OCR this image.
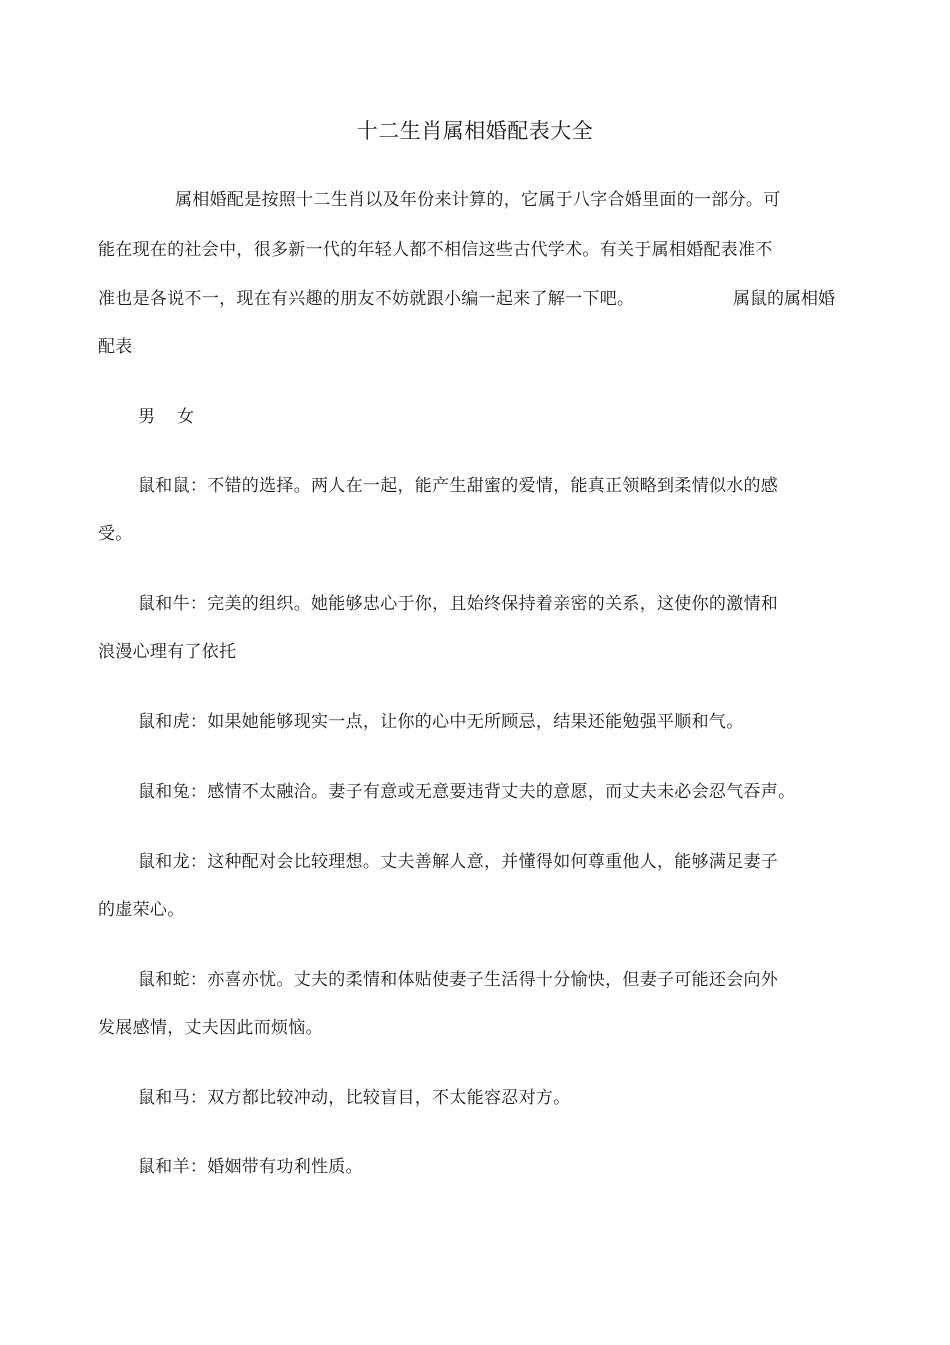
十二生肖属相婚配表大全
属相婚配是按照十二生肖以及年份来计算的，它属于八字合婚里面的一部分。可
能在现在的社会中，很多新一代的年轻人都不相信这些古代学术。有关于属相婚配表准不
准也是各说不一，现在有兴趣的朋友不妨就跟小编一起来了解一下吧。	属鼠的属相婚
配表
男 女
鼠和鼠：不错的选择。两人在一起，能产生甜蜜的爱情，能真正领略到柔情似水的感
受。
鼠和牛：完美的组织。她能够忠心于你，且始终保持着亲密的关系，这使你的激情和
浪漫心理有了依托
鼠和虎：如果她能够现实一点，让你的心中无所顾忌，结果还能勉强平顺和气。
鼠和兔：感情不太融洽。妻子有意或无意要违背丈夫的意愿，而丈夫未必会忍气吞声。
鼠和龙：这种配对会比较理想。丈夫善解人意，并懂得如何尊重他人，能够满足妻子
的虚荣心。
鼠和蛇：亦喜亦忧。丈夫的柔情和体贴使妻子生活得十分愉快，但妻子可能还会向外
发展感情，丈夫因此而烦恼。
鼠和马：双方都比较冲动，比较盲目，不太能容忍对方。
鼠和羊：婚姻带有功利性质。
